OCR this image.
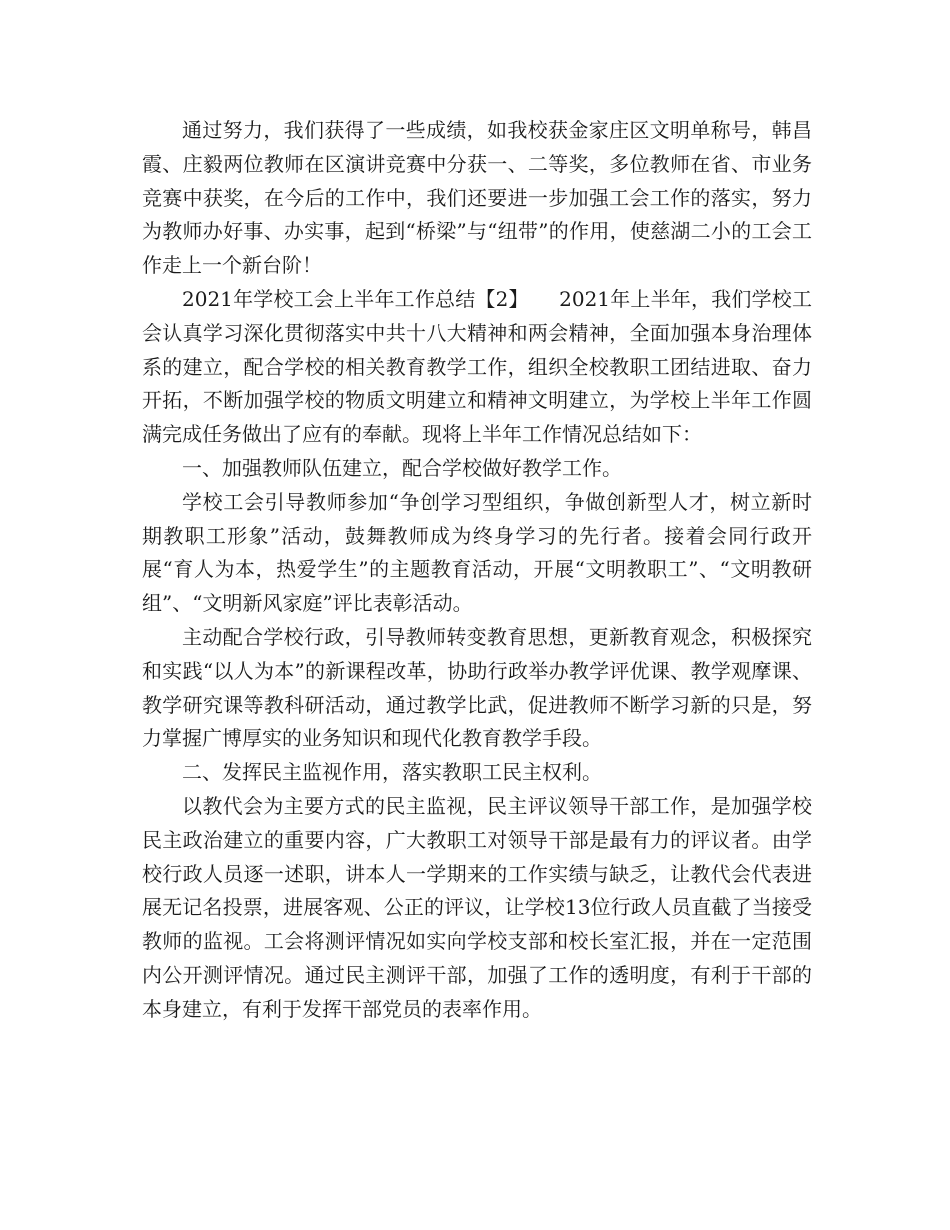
通过努力，我们获得了一些成绩，如我校获金家庄区文明单称号，韩昌霞、庄毅两位教师在区演讲竞赛中分获一、二等奖，多位教师在省、市业务竞赛中获奖，在今后的工作中，我们还要进一步加强工会工作的落实，努力为教师办好事、办实事，起到“桥梁”与“纽带”的作用，使慈湖二小的工会工作走上一个新台阶！

2021年学校工会上半年工作总结【2】　　2021年上半年，我们学校工会认真学习深化贯彻落实中共十八大精神和两会精神，全面加强本身治理体系的建立，配合学校的相关教育教学工作，组织全校教职工团结进取、奋力开拓，不断加强学校的物质文明建立和精神文明建立，为学校上半年工作圆满完成任务做出了应有的奉献。现将上半年工作情况总结如下：

一、加强教师队伍建立，配合学校做好教学工作。

学校工会引导教师参加“争创学习型组织，争做创新型人才，树立新时期教职工形象”活动，鼓舞教师成为终身学习的先行者。接着会同行政开展“育人为本，热爱学生”的主题教育活动，开展“文明教职工”、“文明教研组”、“文明新风家庭”评比表彰活动。

主动配合学校行政，引导教师转变教育思想，更新教育观念，积极探究和实践“以人为本”的新课程改革，协助行政举办教学评优课、教学观摩课、教学研究课等教科研活动，通过教学比武，促进教师不断学习新的只是，努力掌握广博厚实的业务知识和现代化教育教学手段。

二、发挥民主监视作用，落实教职工民主权利。

以教代会为主要方式的民主监视，民主评议领导干部工作，是加强学校民主政治建立的重要内容，广大教职工对领导干部是最有力的评议者。由学校行政人员逐一述职，讲本人一学期来的工作实绩与缺乏，让教代会代表进展无记名投票，进展客观、公正的评议，让学校13位行政人员直截了当接受教师的监视。工会将测评情况如实向学校支部和校长室汇报，并在一定范围内公开测评情况。通过民主测评干部，加强了工作的透明度，有利于干部的本身建立，有利于发挥干部党员的表率作用。
